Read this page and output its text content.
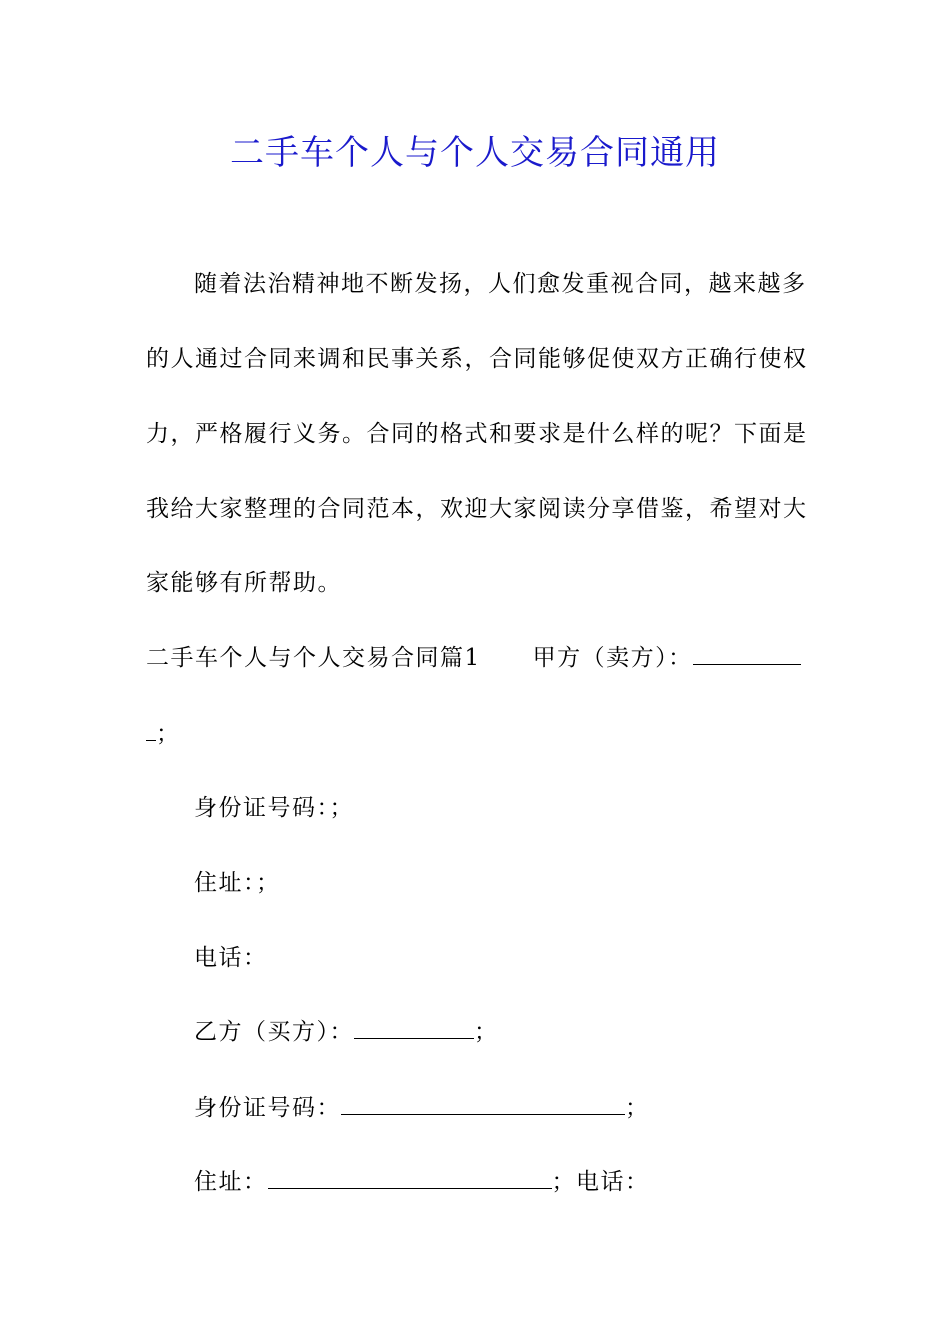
二手车个人与个人交易合同通用
随着法治精神地不断发扬，人们愈发重视合同，越来越多
的人通过合同来调和民事关系，合同能够促使双方正确行使权
力，严格履行义务。合同的格式和要求是什么样的呢？下面是
我给大家整理的合同范本，欢迎大家阅读分享借鉴，希望对大
家能够有所帮助。
二手车个人与个人交易合同篇1 甲方（卖方）：
；
身份证号码：；
住址：；
电话：
乙方（买方）：	；
身份证号码：	；
住址：	；电话：
